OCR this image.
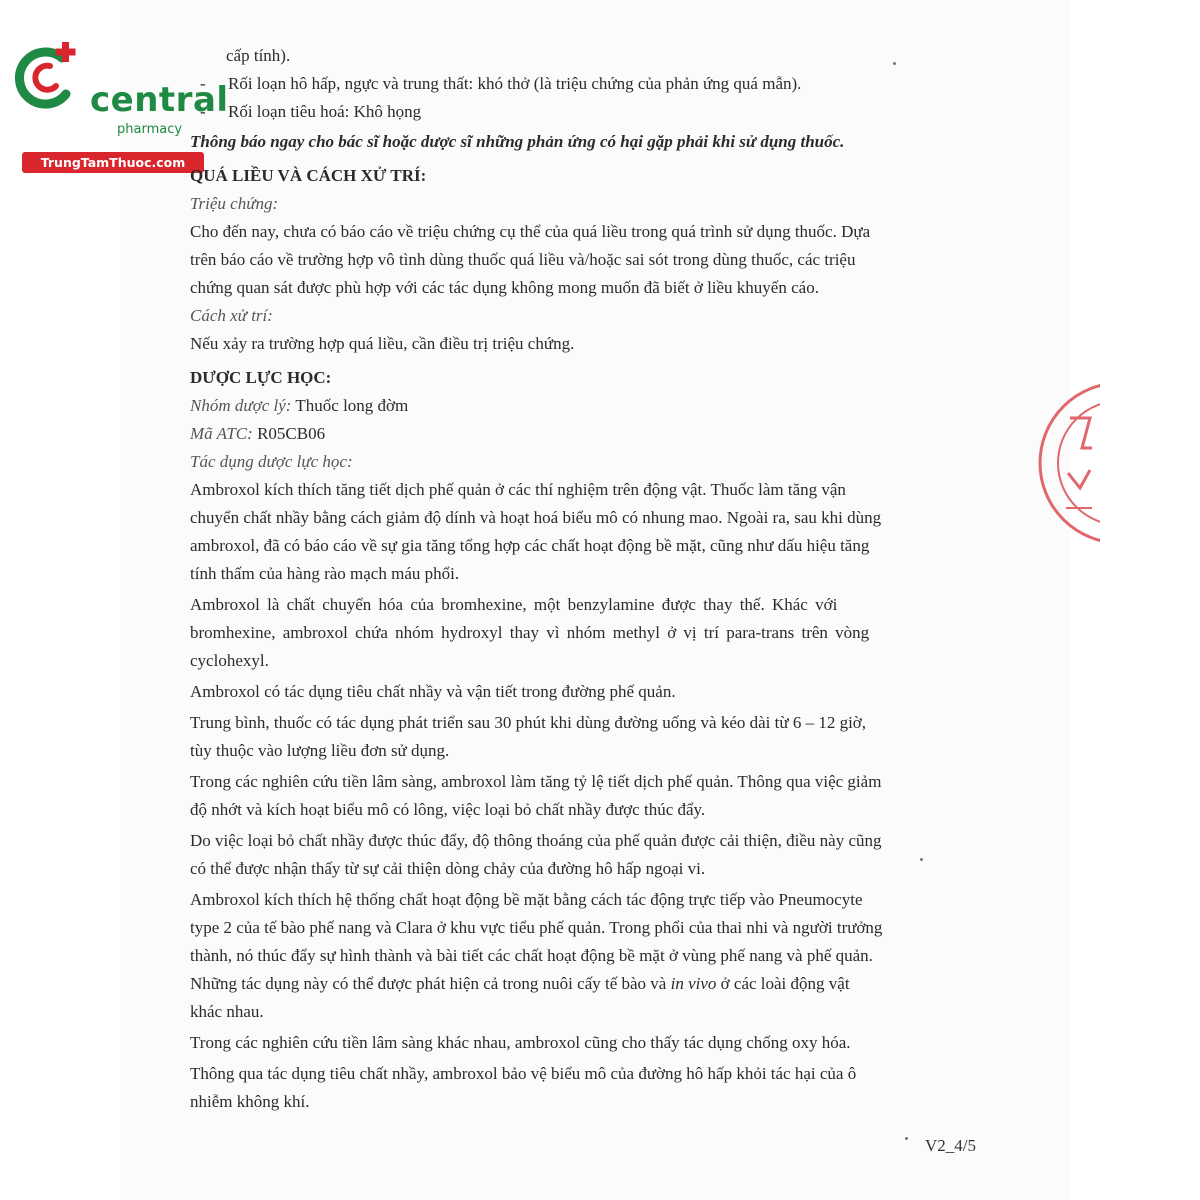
central
pharmacy
TrungTamThuoc.com
cấp tính).
- Rối loạn hô hấp, ngực và trung thất: khó thở (là triệu chứng của phản ứng quá mẫn).
- Rối loạn tiêu hoá: Khô họng
Thông báo ngay cho bác sĩ hoặc dược sĩ những phản ứng có hại gặp phải khi sử dụng thuốc.
QUÁ LIỀU VÀ CÁCH XỬ TRÍ:
Triệu chứng:
Cho đến nay, chưa có báo cáo về triệu chứng cụ thể của quá liều trong quá trình sử dụng thuốc. Dựa
trên báo cáo về trường hợp vô tình dùng thuốc quá liều và/hoặc sai sót trong dùng thuốc, các triệu
chứng quan sát được phù hợp với các tác dụng không mong muốn đã biết ở liều khuyến cáo.
Cách xử trí:
Nếu xảy ra trường hợp quá liều, cần điều trị triệu chứng.
DƯỢC LỰC HỌC:
Nhóm dược lý: Thuốc long đờm
Mã ATC: R05CB06
Tác dụng dược lực học:
Ambroxol kích thích tăng tiết dịch phế quản ở các thí nghiệm trên động vật. Thuốc làm tăng vận
chuyển chất nhầy bằng cách giảm độ dính và hoạt hoá biểu mô có nhung mao. Ngoài ra, sau khi dùng
ambroxol, đã có báo cáo về sự gia tăng tổng hợp các chất hoạt động bề mặt, cũng như dấu hiệu tăng
tính thấm của hàng rào mạch máu phổi.
Ambroxol là chất chuyển hóa của bromhexine, một benzylamine được thay thế. Khác với
bromhexine, ambroxol chứa nhóm hydroxyl thay vì nhóm methyl ở vị trí para-trans trên vòng
cyclohexyl.
Ambroxol có tác dụng tiêu chất nhầy và vận tiết trong đường phế quản.
Trung bình, thuốc có tác dụng phát triển sau 30 phút khi dùng đường uống và kéo dài từ 6 – 12 giờ,
tùy thuộc vào lượng liều đơn sử dụng.
Trong các nghiên cứu tiền lâm sàng, ambroxol làm tăng tỷ lệ tiết dịch phế quản. Thông qua việc giảm
độ nhớt và kích hoạt biểu mô có lông, việc loại bỏ chất nhầy được thúc đẩy.
Do việc loại bỏ chất nhầy được thúc đẩy, độ thông thoáng của phế quản được cải thiện, điều này cũng
có thể được nhận thấy từ sự cải thiện dòng chảy của đường hô hấp ngoại vi.
Ambroxol kích thích hệ thống chất hoạt động bề mặt bằng cách tác động trực tiếp vào Pneumocyte
type 2 của tế bào phế nang và Clara ở khu vực tiểu phế quản. Trong phổi của thai nhi và người trưởng
thành, nó thúc đẩy sự hình thành và bài tiết các chất hoạt động bề mặt ở vùng phế nang và phế quản.
Những tác dụng này có thể được phát hiện cả trong nuôi cấy tế bào và in vivo ở các loài động vật
khác nhau.
Trong các nghiên cứu tiền lâm sàng khác nhau, ambroxol cũng cho thấy tác dụng chống oxy hóa.
Thông qua tác dụng tiêu chất nhầy, ambroxol bảo vệ biểu mô của đường hô hấp khỏi tác hại của ô
nhiễm không khí.
V2_4/5
